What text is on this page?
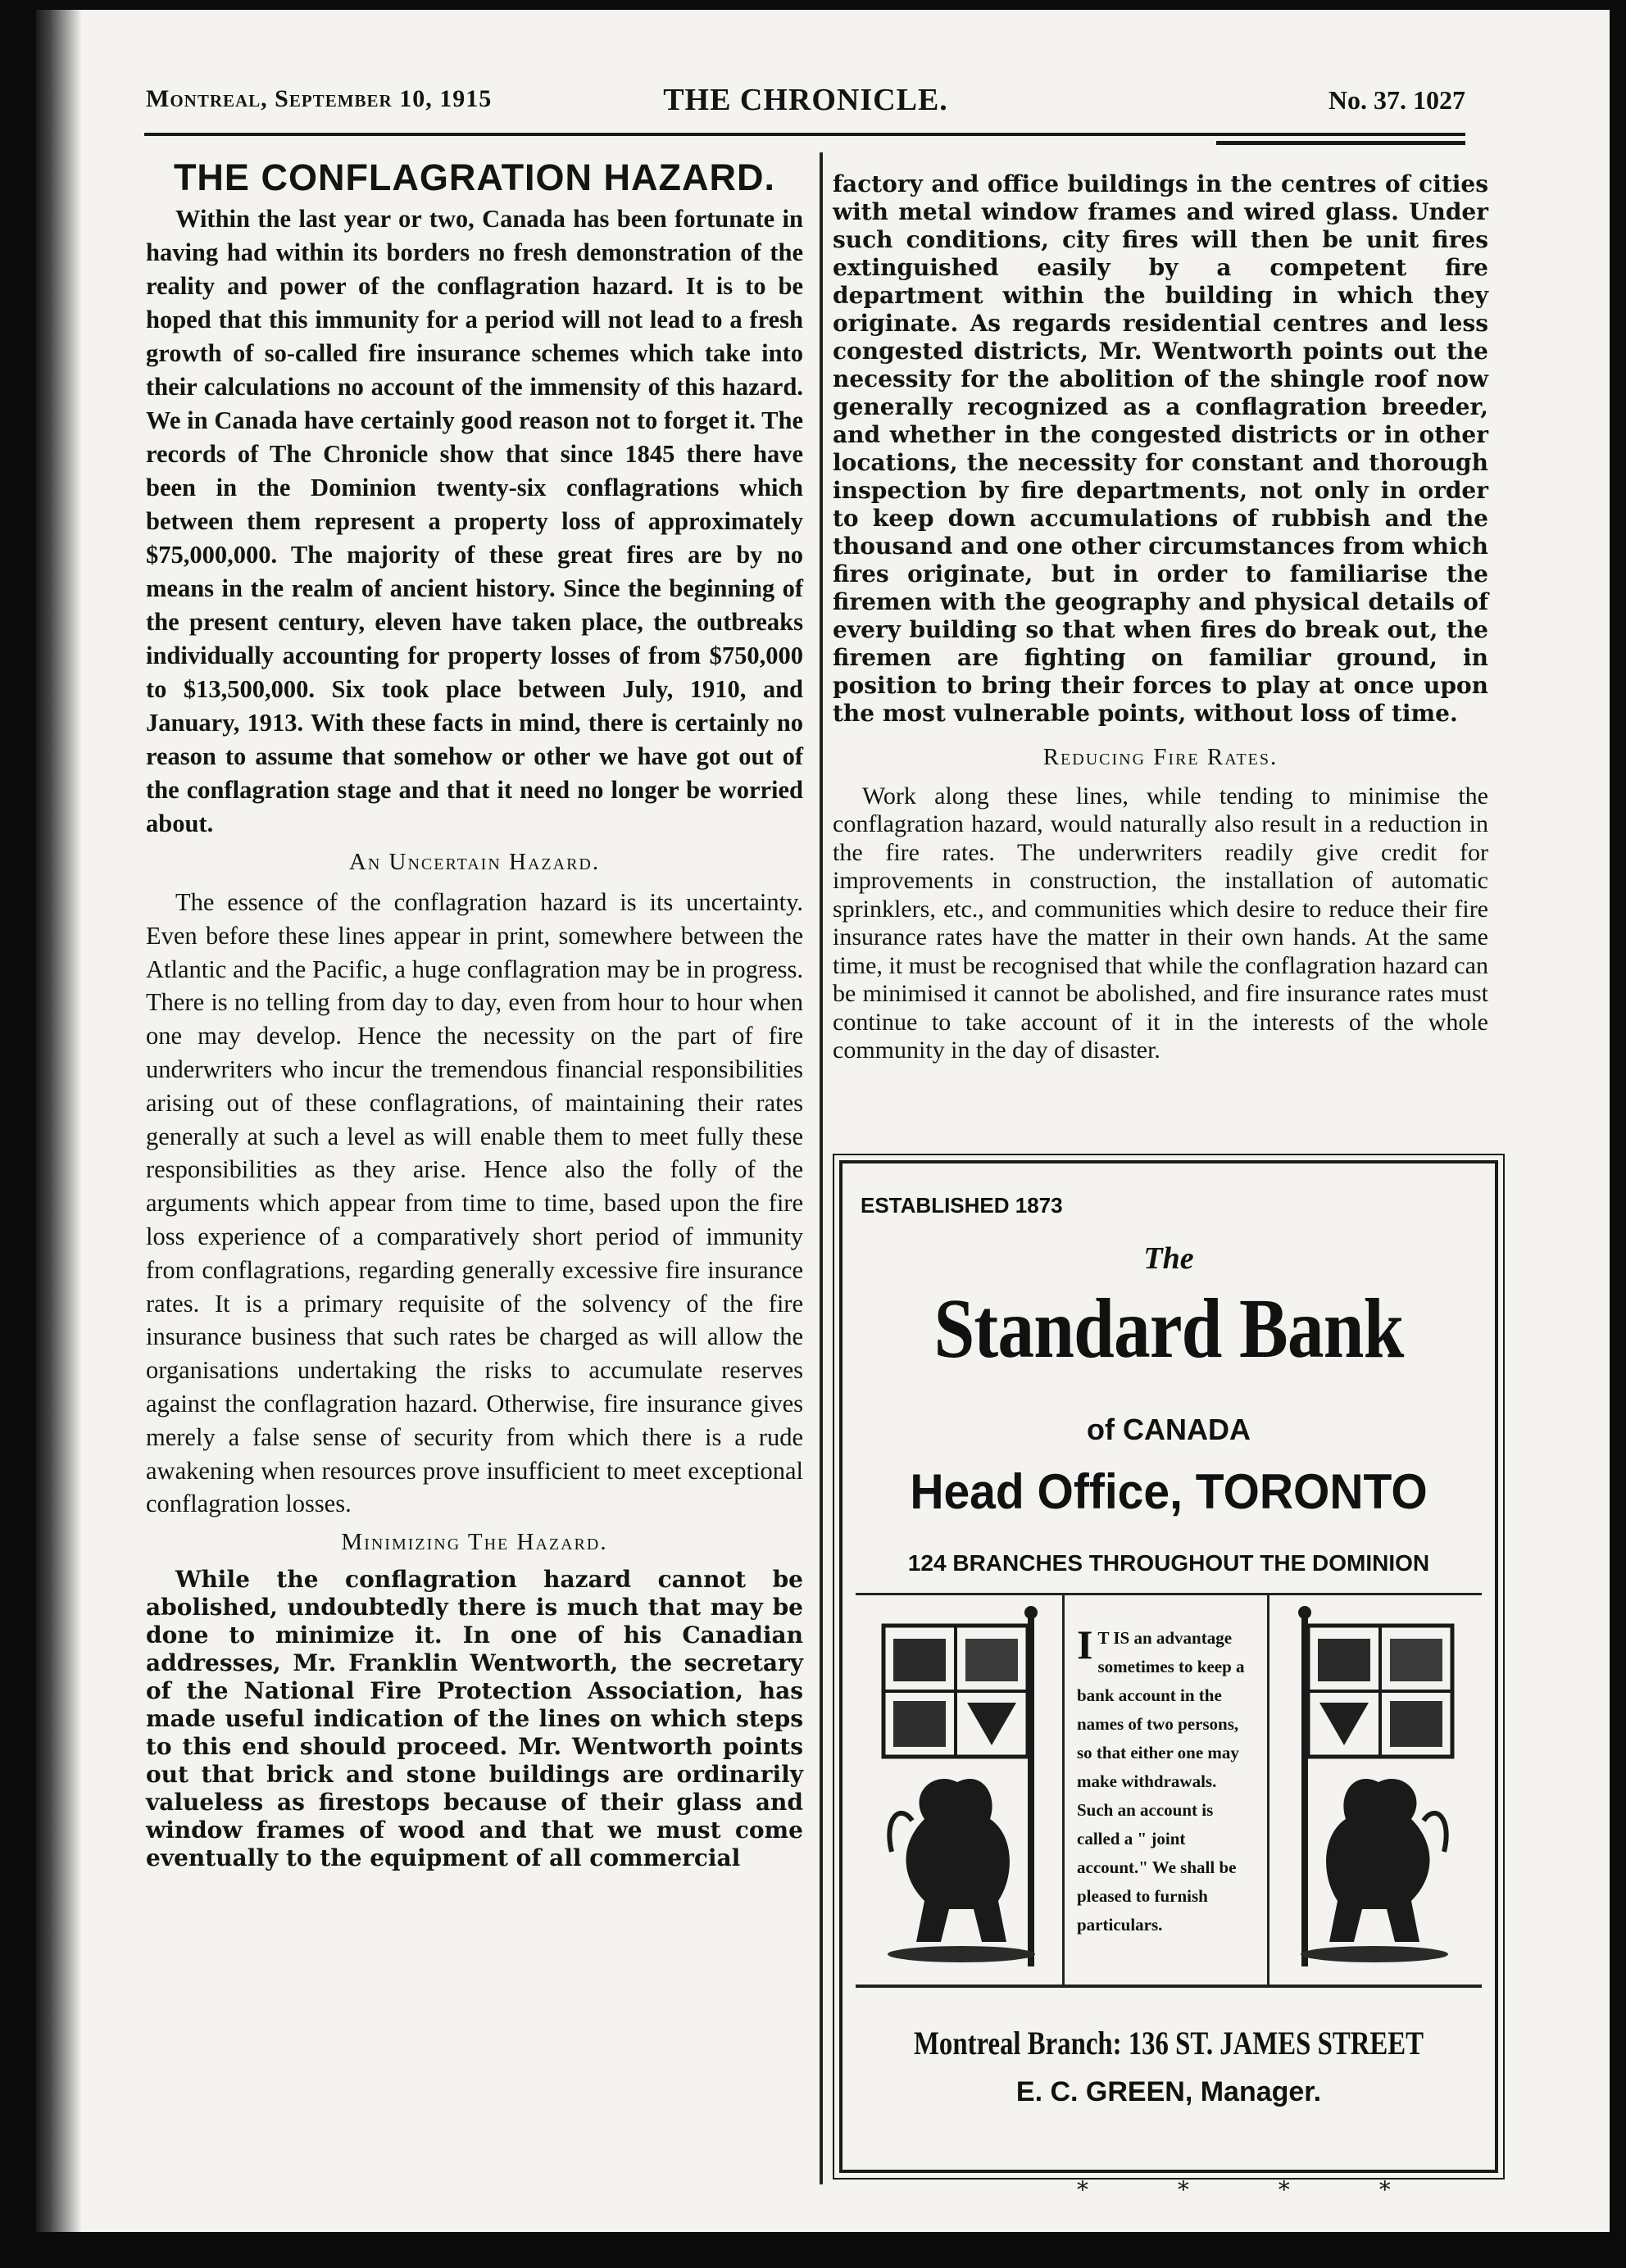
Montreal, September 10, 1915	THE CHRONICLE.	No. 37. 1027
THE CONFLAGRATION HAZARD.

Within the last year or two, Canada has been fortunate in having had within its borders no fresh demonstration of the reality and power of the conflagration hazard. It is to be hoped that this immunity for a period will not lead to a fresh growth of so-called fire insurance schemes which take into their calculations no account of the immensity of this hazard. We in Canada have certainly good reason not to forget it. The records of The Chronicle show that since 1845 there have been in the Dominion twenty-six conflagrations which between them represent a property loss of approximately $75,000,000. The majority of these great fires are by no means in the realm of ancient history. Since the beginning of the present century, eleven have taken place, the outbreaks individually accounting for property losses of from $750,000 to $13,500,000. Six took place between July, 1910, and January, 1913. With these facts in mind, there is certainly no reason to assume that somehow or other we have got out of the conflagration stage and that it need no longer be worried about.

An Uncertain Hazard.

The essence of the conflagration hazard is its uncertainty. Even before these lines appear in print, somewhere between the Atlantic and the Pacific, a huge conflagration may be in progress. There is no telling from day to day, even from hour to hour when one may develop. Hence the necessity on the part of fire underwriters who incur the tremendous financial responsibilities arising out of these conflagrations, of maintaining their rates generally at such a level as will enable them to meet fully these responsibilities as they arise. Hence also the folly of the arguments which appear from time to time, based upon the fire loss experience of a comparatively short period of immunity from conflagrations, regarding generally excessive fire insurance rates. It is a primary requisite of the solvency of the fire insurance business that such rates be charged as will allow the organisations undertaking the risks to accumulate reserves against the conflagration hazard. Otherwise, fire insurance gives merely a false sense of security from which there is a rude awakening when resources prove insufficient to meet exceptional conflagration losses.

Minimizing The Hazard.

While the conflagration hazard cannot be abolished, undoubtedly there is much that may be done to minimize it. In one of his Canadian addresses, Mr. Franklin Wentworth, the secretary of the National Fire Protection Association, has made useful indication of the lines on which steps to this end should proceed. Mr. Wentworth points out that brick and stone buildings are ordinarily valueless as firestops because of their glass and window frames of wood and that we must come eventually to the equipment of all commercial

factory and office buildings in the centres of cities with metal window frames and wired glass. Under such conditions, city fires will then be unit fires extinguished easily by a competent fire department within the building in which they originate. As regards residential centres and less congested districts, Mr. Wentworth points out the necessity for the abolition of the shingle roof now generally recognized as a conflagration breeder, and whether in the congested districts or in other locations, the necessity for constant and thorough inspection by fire departments, not only in order to keep down accumulations of rubbish and the thousand and one other circumstances from which fires originate, but in order to familiarise the firemen with the geography and physical details of every building so that when fires do break out, the firemen are fighting on familiar ground, in position to bring their forces to play at once upon the most vulnerable points, without loss of time.

Reducing Fire Rates.

Work along these lines, while tending to minimise the conflagration hazard, would naturally also result in a reduction in the fire rates. The underwriters readily give credit for improvements in construction, the installation of automatic sprinklers, etc., and communities which desire to reduce their fire insurance rates have the matter in their own hands. At the same time, it must be recognised that while the conflagration hazard can be minimised it cannot be abolished, and fire insurance rates must continue to take account of it in the interests of the whole community in the day of disaster.

ESTABLISHED 1873
The
Standard Bank
of CANADA
Head Office, TORONTO
124 BRANCHES THROUGHOUT THE DOMINION
I T IS an advantage sometimes to keep a bank account in the names of two persons, so that either one may make withdrawals. Such an account is called a " joint account." We shall be pleased to furnish particulars.
Montreal Branch: 136 ST. JAMES STREET
E. C. GREEN, Manager.
* * * *
